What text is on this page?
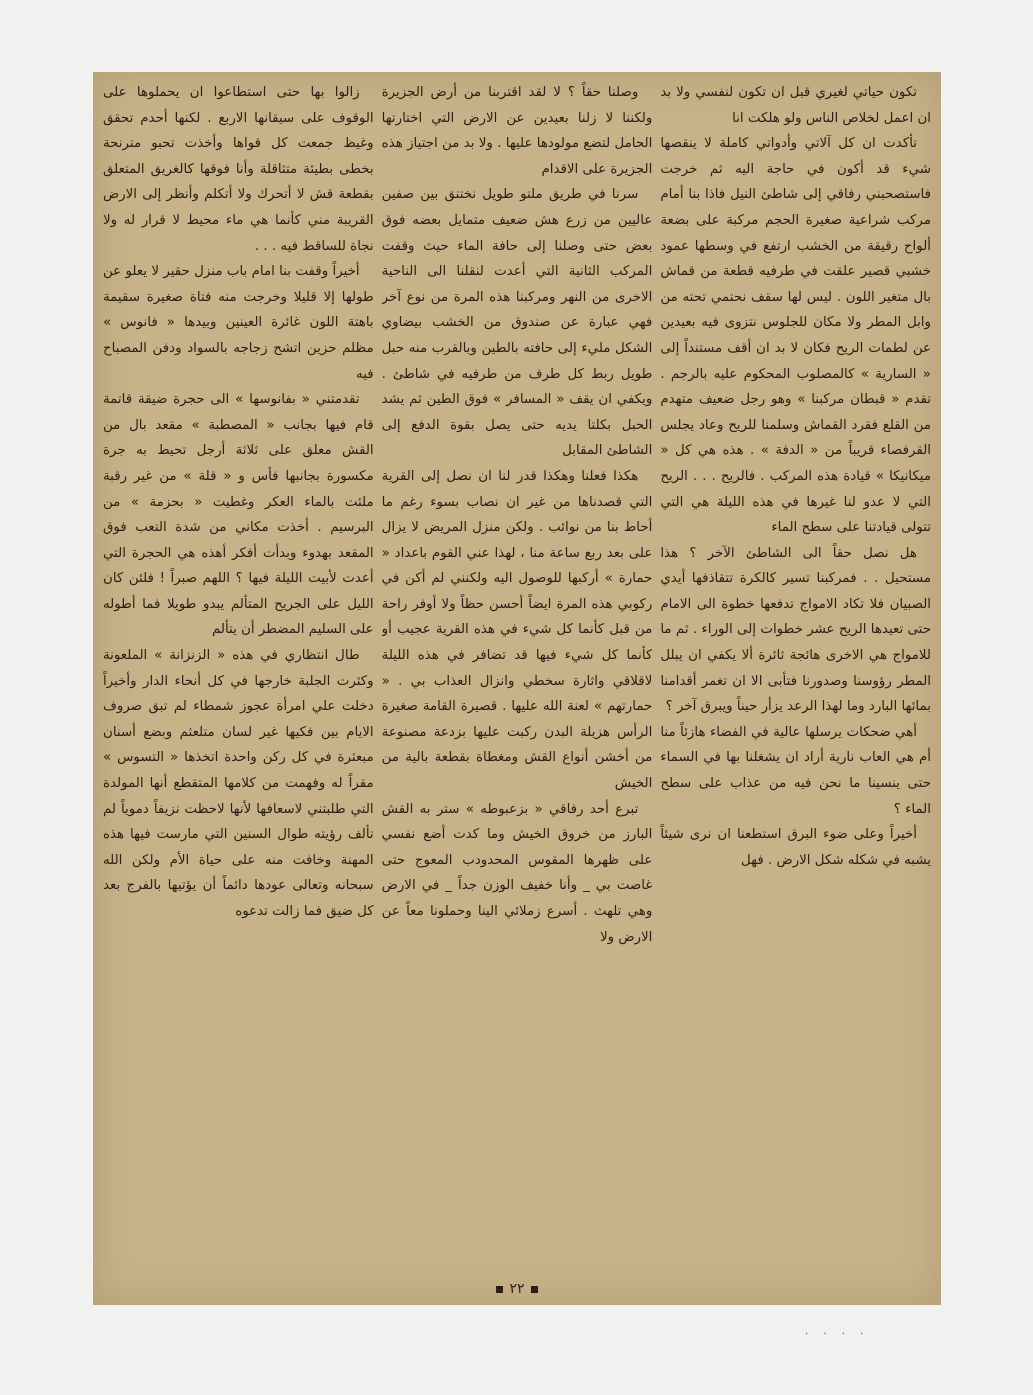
تكون حياتي لغيري قبل ان تكون لنفسي ولا بد ان اعمل لخلاص الناس ولو هلكت انا

تأكدت ان كل آلاتي وأدواتي كاملة لا ينقصها شيء قد أكون في حاجة اليه ثم خرجت فاستصحبني رفاقي إلى شاطئ النيل فاذا بنا أمام مركب شراعية صغيرة الحجم مركبة على بضعة ألواح رقيقة من الخشب ارتفع في وسطها عمود خشبي قصير علقت في طرفيه قطعة من قماش بال متغير اللون . ليس لها سقف نحتمي تحته من وابل المطر ولا مكان للجلوس نتزوى فيه بعيدين عن لطمات الريح فكان لا بد ان أقف مستنداً إلى « السارية » كالمصلوب المحكوم عليه بالرجم . تقدم « قبطان مركبنا » وهو رجل ضعيف متهدم من القلع فقرد القماش وسلمنا للريح وعاد يجلس القرفصاء قريباً من « الدفة » . هذه هي كل « ميكانيكا » قيادة هذه المركب . فالريح . . . الريح التي لا عدو لنا غيرها في هذه الليلة هي التي تتولى قيادتنا على سطح الماء

هل نصل حقاً الى الشاطئ الآخر ؟ هذا مستحيل . . فمركبنا تسير كالكرة تتقاذفها أيدي الصبيان فلا تكاد الامواج تدفعها خطوة الى الامام حتى تعيدها الريح عشر خطوات إلى الوراء . ثم ما للامواج هي الاخرى هائجة ثائرة ألا يكفي ان يبلل المطر رؤوسنا وصدورنا فتأبى الا ان تغمر أقدامنا بمائها البارد وما لهذا الرعد يزأر حيناً ويبرق آخر ؟

أهي ضحكات يرسلها عالية في الفضاء هازئاً منا أم هي العاب نارية أراد ان يشغلنا بها في السماء حتى ينسينا ما نحن فيه من عذاب على سطح الماء ؟

أخيراً وعلى ضوء البرق استطعنا ان نرى شيئاً يشبه في شكله شكل الارض . فهل

وصلنا حقاً ؟ لا لقد اقتربنا من أرض الجزيرة ولكننا لا زلنا بعيدين عن الارض التي اختارتها الحامل لتضع مولودها عليها . ولا بد من اجتياز هذه الجزيرة على الاقدام

سرنا في طريق ملتو طويل نختنق بين صفين عاليين من زرع هش ضعيف متمايل بعضه فوق بعض حتى وصلنا إلى حافة الماء حيث وقفت المركب الثانية التي أعدت لنقلنا الى الناحية الاخرى من النهر ومركبنا هذه المرة من نوع آخر فهي عبارة عن صندوق من الخشب بيضاوي الشكل مليء إلى حافته بالطين وبالقرب منه حبل طويل ربط كل طرف من طرفيه في شاطئ . ويكفي ان يقف « المسافر » فوق الطين ثم يشد الحبل بكلتا يديه حتى يصل بقوة الدفع إلى الشاطئ المقابل

هكذا فعلنا وهكذا قدر لنا ان نصل إلى القرية التي قصدناها من غير ان نصاب بسوء رغم ما أحاط بنا من نوائب . ولكن منزل المريض لا يزال على بعد ربع ساعة منا ، لهذا عني القوم باعداد « حمارة » أركبها للوصول اليه ولكنني لم أكن في ركوبي هذه المرة ايضاً أحسن حظاً ولا أوفر راحة من قبل كأنما كل شيء في هذه القرية عجيب أو كأنما كل شيء فيها قد تضافر في هذه الليلة لاقلاقي واثارة سخطي وانزال العذاب بي . « حمارتهم » لعنة الله عليها . قصيرة القامة صغيرة الرأس هزيلة البدن ركبت عليها بزدعة مصنوعة من أخشن أنواع القش ومغطاة بقطعة بالية من الخيش

تبرع أحد رفاقي « بزعبوطه » ستر به القش البارز من خروق الخيش وما كدت أضع نفسي على ظهرها المقوس المحدودب المعوج حتى غاصت بي _ وأنا خفيف الوزن جداً _ في الارض وهي تلهث . أسرع زملائي الينا وحملونا معاً عن الارض ولا

زالوا بها حتى استطاعوا ان يحملوها على الوقوف على سيقانها الاربع . لكنها أحدم تحقق وغيظ جمعت كل قواها وأخذت تحبو مترنحة بخطى بطيئة متثاقلة وأنا فوقها كالغريق المتعلق بقطعة قش لا أتحرك ولا أتكلم وأنظر إلى الارض القريبة مني كأنما هي ماء محيط لا قرار له ولا نجاة للساقط فيه . . .

أخيراً وقفت بنا امام باب منزل حقير لا يعلو عن طولها إلا قليلا وخرجت منه فتاة صغيرة سقيمة باهتة اللون غائرة العينين وبيدها « فانوس » مظلم حزين اتشح زجاجه بالسواد ودفن المصباح فيه

تقدمتني « بفانوسها » الى حجرة ضيقة قاتمة قام فيها بجانب « المصطبة » مقعد بال من القش معلق على ثلاثة أرجل تحيط به جرة مكسورة بجانبها فأس و « قلة » من غير رقبة ملئت بالماء العكر وغطيت « بحزمة » من البرسيم . أخذت مكاني من شدة التعب فوق المقعد بهدوء وبدأت أفكر أهذه هي الحجرة التي أعدت لأبيت الليلة فيها ؟ اللهم صبراً ! فلئن كان الليل على الجريح المتألم يبدو طويلا فما أطوله على السليم المضطر أن يتألم

طال انتظاري في هذه « الزنزانة » الملعونة وكثرت الجلبة خارجها في كل أنحاء الدار وأخيراً دخلت علي امرأة عجوز شمطاء لم تبق صروف الايام بين فكيها غير لسان متلعثم وبضع أسنان مبعثرة في كل ركن واحدة اتخذها « التسوس » مقراً له وفهمت من كلامها المتقطع أنها المولدة التي طلبتني لاسعافها لأنها لاحظت نزيفاً دموياً لم تألف رؤيته طوال السنين التي مارست فيها هذه المهنة وخافت منه على حياة الأم ولكن الله سبحانه وتعالى عودها دائماً أن يؤتيها بالفرج بعد كل ضيق فما زالت تدعوه

٢٢
. . . .
